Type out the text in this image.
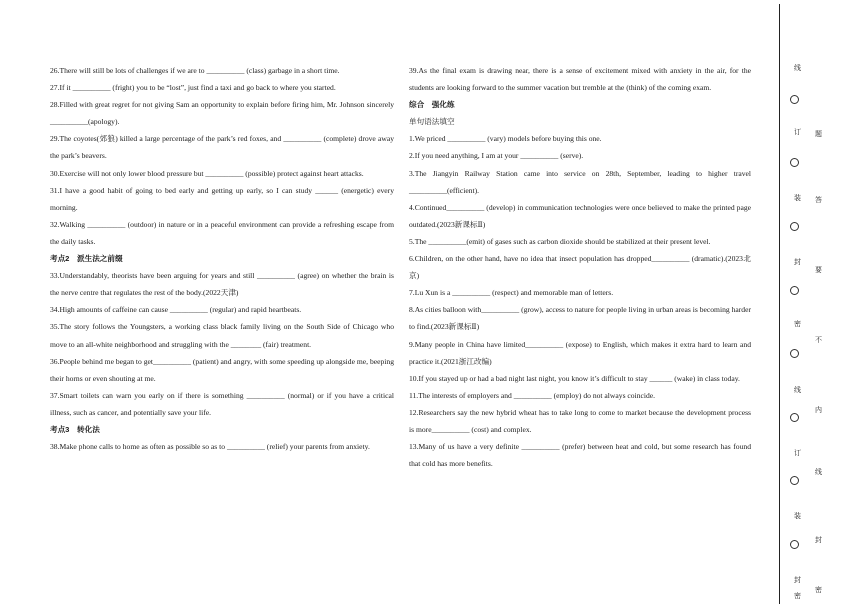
26.There will still be lots of challenges if we are to __________ (class) garbage in a short time.

27.If it __________ (fright) you to be “lost”, just find a taxi and go back to where you started.

28.Filled with great regret for not giving Sam an opportunity to explain before firing him, Mr. Johnson sincerely __________(apology).

29.The coyotes(郊狼) killed a large percentage of the park’s red foxes, and __________ (complete) drove away the park’s beavers.

30.Exercise will not only lower blood pressure but __________ (possible) protect against heart attacks.

31.I have a good habit of going to bed early and getting up early, so I can study ______ (energetic) every morning.

32.Walking __________ (outdoor) in nature or in a peaceful environment can provide a refreshing escape from the daily tasks.

考点2　派生法之前缀

33.Understandably, theorists have been arguing for years and still __________ (agree) on whether the brain is the nerve centre that regulates the rest of the body.(2022天津)

34.High amounts of caffeine can cause __________ (regular) and rapid heartbeats.

35.The story follows the Youngsters, a working class black family living on the South Side of Chicago who move to an all-white neighborhood and struggling with the ________ (fair) treatment.

36.People behind me began to get__________ (patient) and angry, with some speeding up alongside me, beeping their horns or even shouting at me.

37.Smart toilets can warn you early on if there is something __________ (normal) or if you have a critical illness, such as cancer, and potentially save your life.

考点3　转化法

38.Make phone calls to home as often as possible so as to __________ (relief) your parents from anxiety.

39.As the final exam is drawing near, there is a sense of excitement mixed with anxiety in the air, for the students are looking forward to the summer vacation but tremble at the (think) of the coming exam.

综合　强化练

单句语法填空

1.We priced __________ (vary) models before buying this one.

2.If you need anything, I am at your __________ (serve).

3.The Jiangyin Railway Station came into service on 28th, September, leading to higher travel __________(efficient).

4.Continued__________ (develop) in communication technologies were once believed to make the printed page outdated.(2023新课标Ⅱ)

5.The __________(emit) of gases such as carbon dioxide should be stabilized at their present level.

6.Children, on the other hand, have no idea that insect population has dropped__________ (dramatic).(2023北京)

7.Lu Xun is a __________ (respect) and memorable man of letters.

8.As cities balloon with__________ (grow), access to nature for people living in urban areas is becoming harder to find.(2023新课标Ⅱ)

9.Many people in China have limited__________ (expose) to English, which makes it extra hard to learn and practice it.(2021浙江改编)

10.If you stayed up or had a bad night last night, you know it’s difficult to stay ______ (wake) in class today.

11.The interests of employers and __________ (employ) do not always coincide.

12.Researchers say the new hybrid wheat has to take long to come to market because the development process is more__________ (cost) and complex.

13.Many of us have a very definite __________ (prefer) between heat and cold, but some research has found that cold has more benefits.

线
订
装
封
密
线
订
装
封
密
题
答
要
不
内
线
封
密
